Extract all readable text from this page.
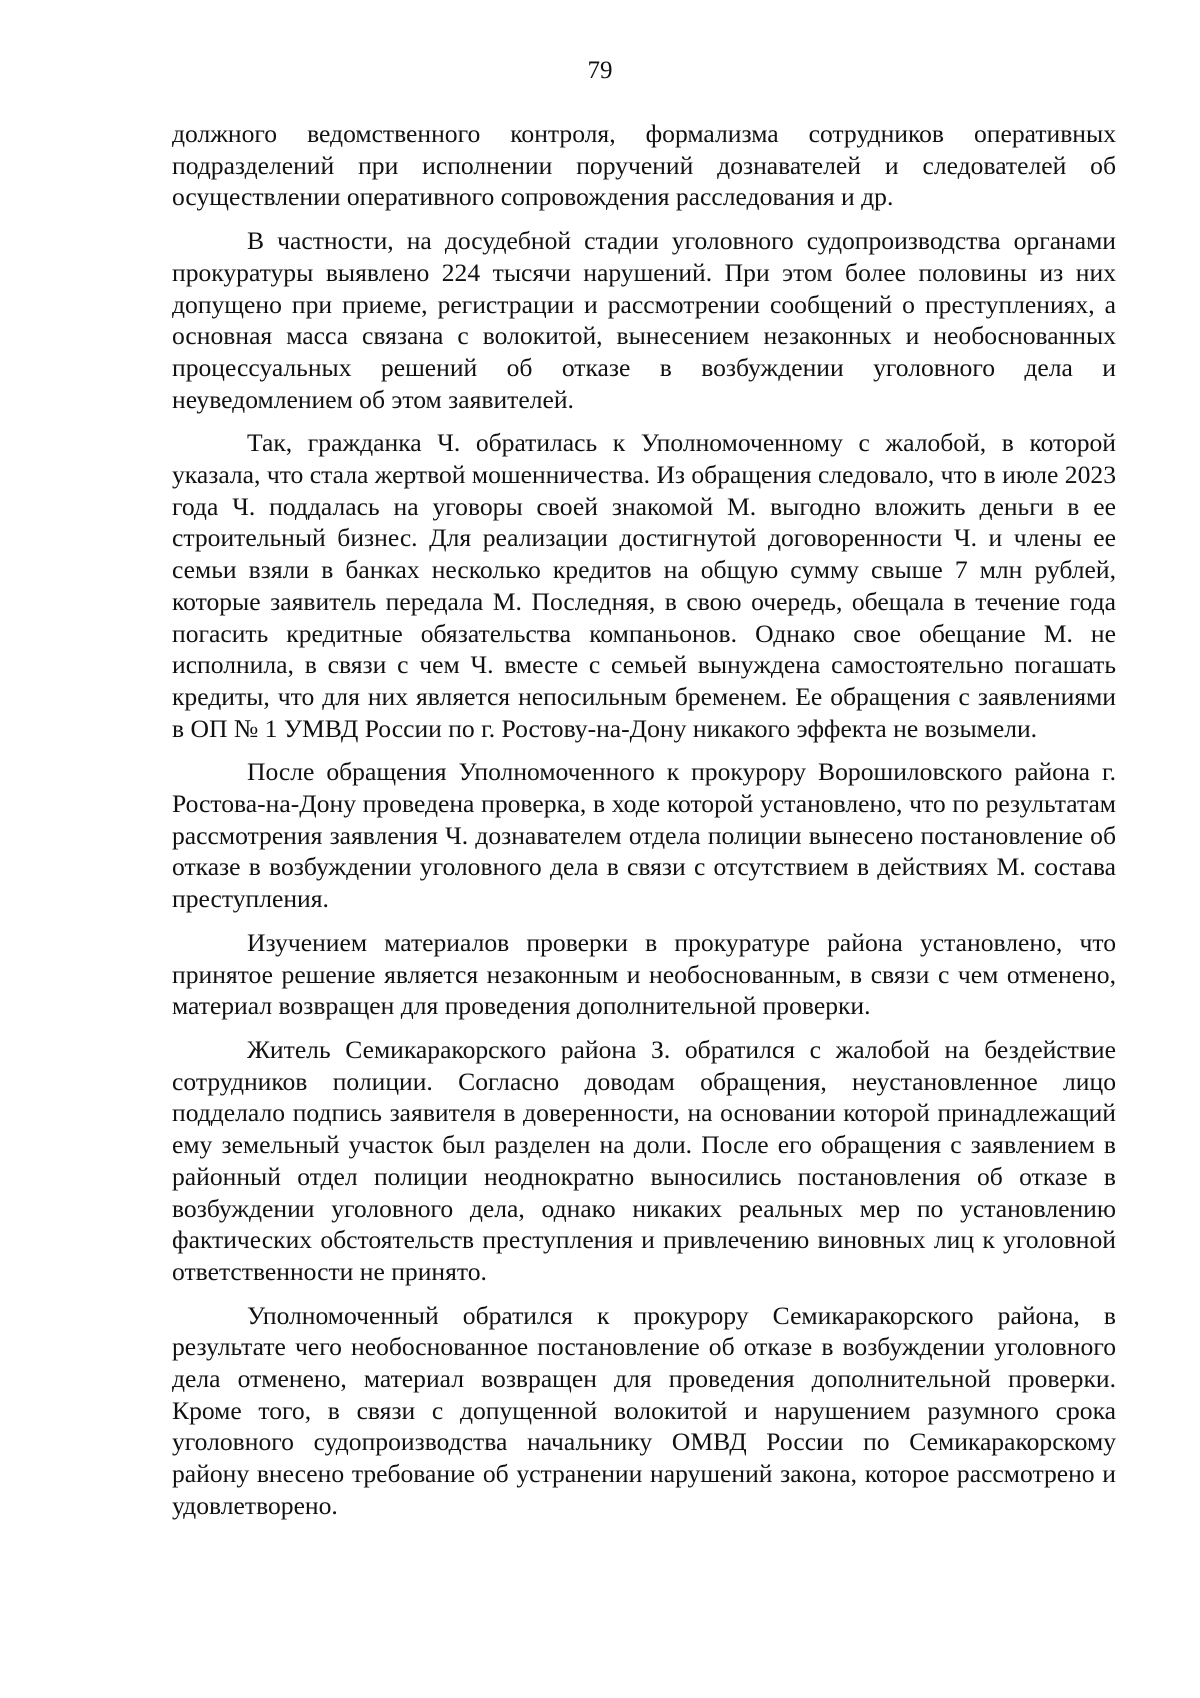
79

должного ведомственного контроля, формализма сотрудников оперативных подразделений при исполнении поручений дознавателей и следователей об осуществлении оперативного сопровождения расследования и др.

В частности, на досудебной стадии уголовного судопроизводства органами прокуратуры выявлено 224 тысячи нарушений. При этом более половины из них допущено при приеме, регистрации и рассмотрении сообщений о преступлениях, а основная масса связана с волокитой, вынесением незаконных и необоснованных процессуальных решений об отказе в возбуждении уголовного дела и неуведомлением об этом заявителей.

Так, гражданка Ч. обратилась к Уполномоченному с жалобой, в которой указала, что стала жертвой мошенничества. Из обращения следовало, что в июле 2023 года Ч. поддалась на уговоры своей знакомой М. выгодно вложить деньги в ее строительный бизнес. Для реализации достигнутой договоренности Ч. и члены ее семьи взяли в банках несколько кредитов на общую сумму свыше 7 млн рублей, которые заявитель передала М. Последняя, в свою очередь, обещала в течение года погасить кредитные обязательства компаньонов. Однако свое обещание М. не исполнила, в связи с чем Ч. вместе с семьей вынуждена самостоятельно погашать кредиты, что для них является непосильным бременем. Ее обращения с заявлениями в ОП № 1 УМВД России по г. Ростову-на-Дону никакого эффекта не возымели.

После обращения Уполномоченного к прокурору Ворошиловского района г. Ростова-на-Дону проведена проверка, в ходе которой установлено, что по результатам рассмотрения заявления Ч. дознавателем отдела полиции вынесено постановление об отказе в возбуждении уголовного дела в связи с отсутствием в действиях М. состава преступления.

Изучением материалов проверки в прокуратуре района установлено, что принятое решение является незаконным и необоснованным, в связи с чем отменено, материал возвращен для проведения дополнительной проверки.

Житель Семикаракорского района З. обратился с жалобой на бездействие сотрудников полиции. Согласно доводам обращения, неустановленное лицо подделало подпись заявителя в доверенности, на основании которой принадлежащий ему земельный участок был разделен на доли. После его обращения с заявлением в районный отдел полиции неоднократно выносились постановления об отказе в возбуждении уголовного дела, однако никаких реальных мер по установлению фактических обстоятельств преступления и привлечению виновных лиц к уголовной ответственности не принято.

Уполномоченный обратился к прокурору Семикаракорского района, в результате чего необоснованное постановление об отказе в возбуждении уголовного дела отменено, материал возвращен для проведения дополнительной проверки. Кроме того, в связи с допущенной волокитой и нарушением разумного срока уголовного судопроизводства начальнику ОМВД России по Семикаракорскому району внесено требование об устранении нарушений закона, которое рассмотрено и удовлетворено.
